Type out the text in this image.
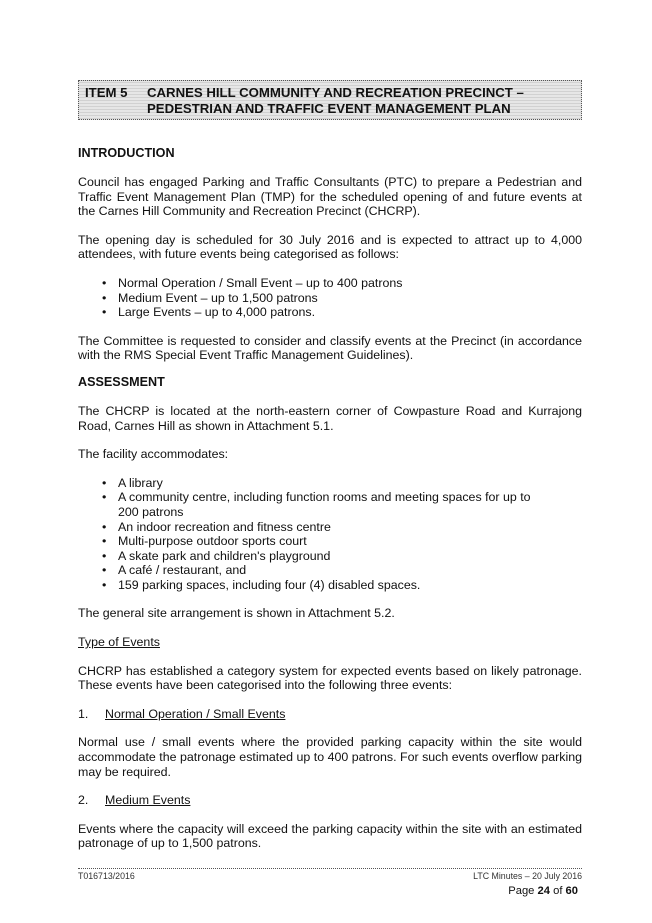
ITEM 5	CARNES HILL COMMUNITY AND RECREATION PRECINCT –
PEDESTRIAN AND TRAFFIC EVENT MANAGEMENT PLAN
INTRODUCTION

Council has engaged Parking and Traffic Consultants (PTC) to prepare a Pedestrian and Traffic Event Management Plan (TMP) for the scheduled opening of and future events at the Carnes Hill Community and Recreation Precinct (CHCRP).

The opening day is scheduled for 30 July 2016 and is expected to attract up to 4,000 attendees, with future events being categorised as follows:

• Normal Operation / Small Event – up to 400 patrons
• Medium Event – up to 1,500 patrons
• Large Events – up to 4,000 patrons.

The Committee is requested to consider and classify events at the Precinct (in accordance with the RMS Special Event Traffic Management Guidelines).

ASSESSMENT

The CHCRP is located at the north-eastern corner of Cowpasture Road and Kurrajong Road, Carnes Hill as shown in Attachment 5.1.

The facility accommodates:

• A library
• A community centre, including function rooms and meeting spaces for up to 200 patrons
• An indoor recreation and fitness centre
• Multi-purpose outdoor sports court
• A skate park and children's playground
• A café / restaurant, and
• 159 parking spaces, including four (4) disabled spaces.

The general site arrangement is shown in Attachment 5.2.

Type of Events

CHCRP has established a category system for expected events based on likely patronage. These events have been categorised into the following three events:

1.	Normal Operation / Small Events

Normal use / small events where the provided parking capacity within the site would accommodate the patronage estimated up to 400 patrons. For such events overflow parking may be required.

2.	Medium Events

Events where the capacity will exceed the parking capacity within the site with an estimated patronage of up to 1,500 patrons.

T016713/2016	LTC Minutes – 20 July 2016
Page 24 of 60
